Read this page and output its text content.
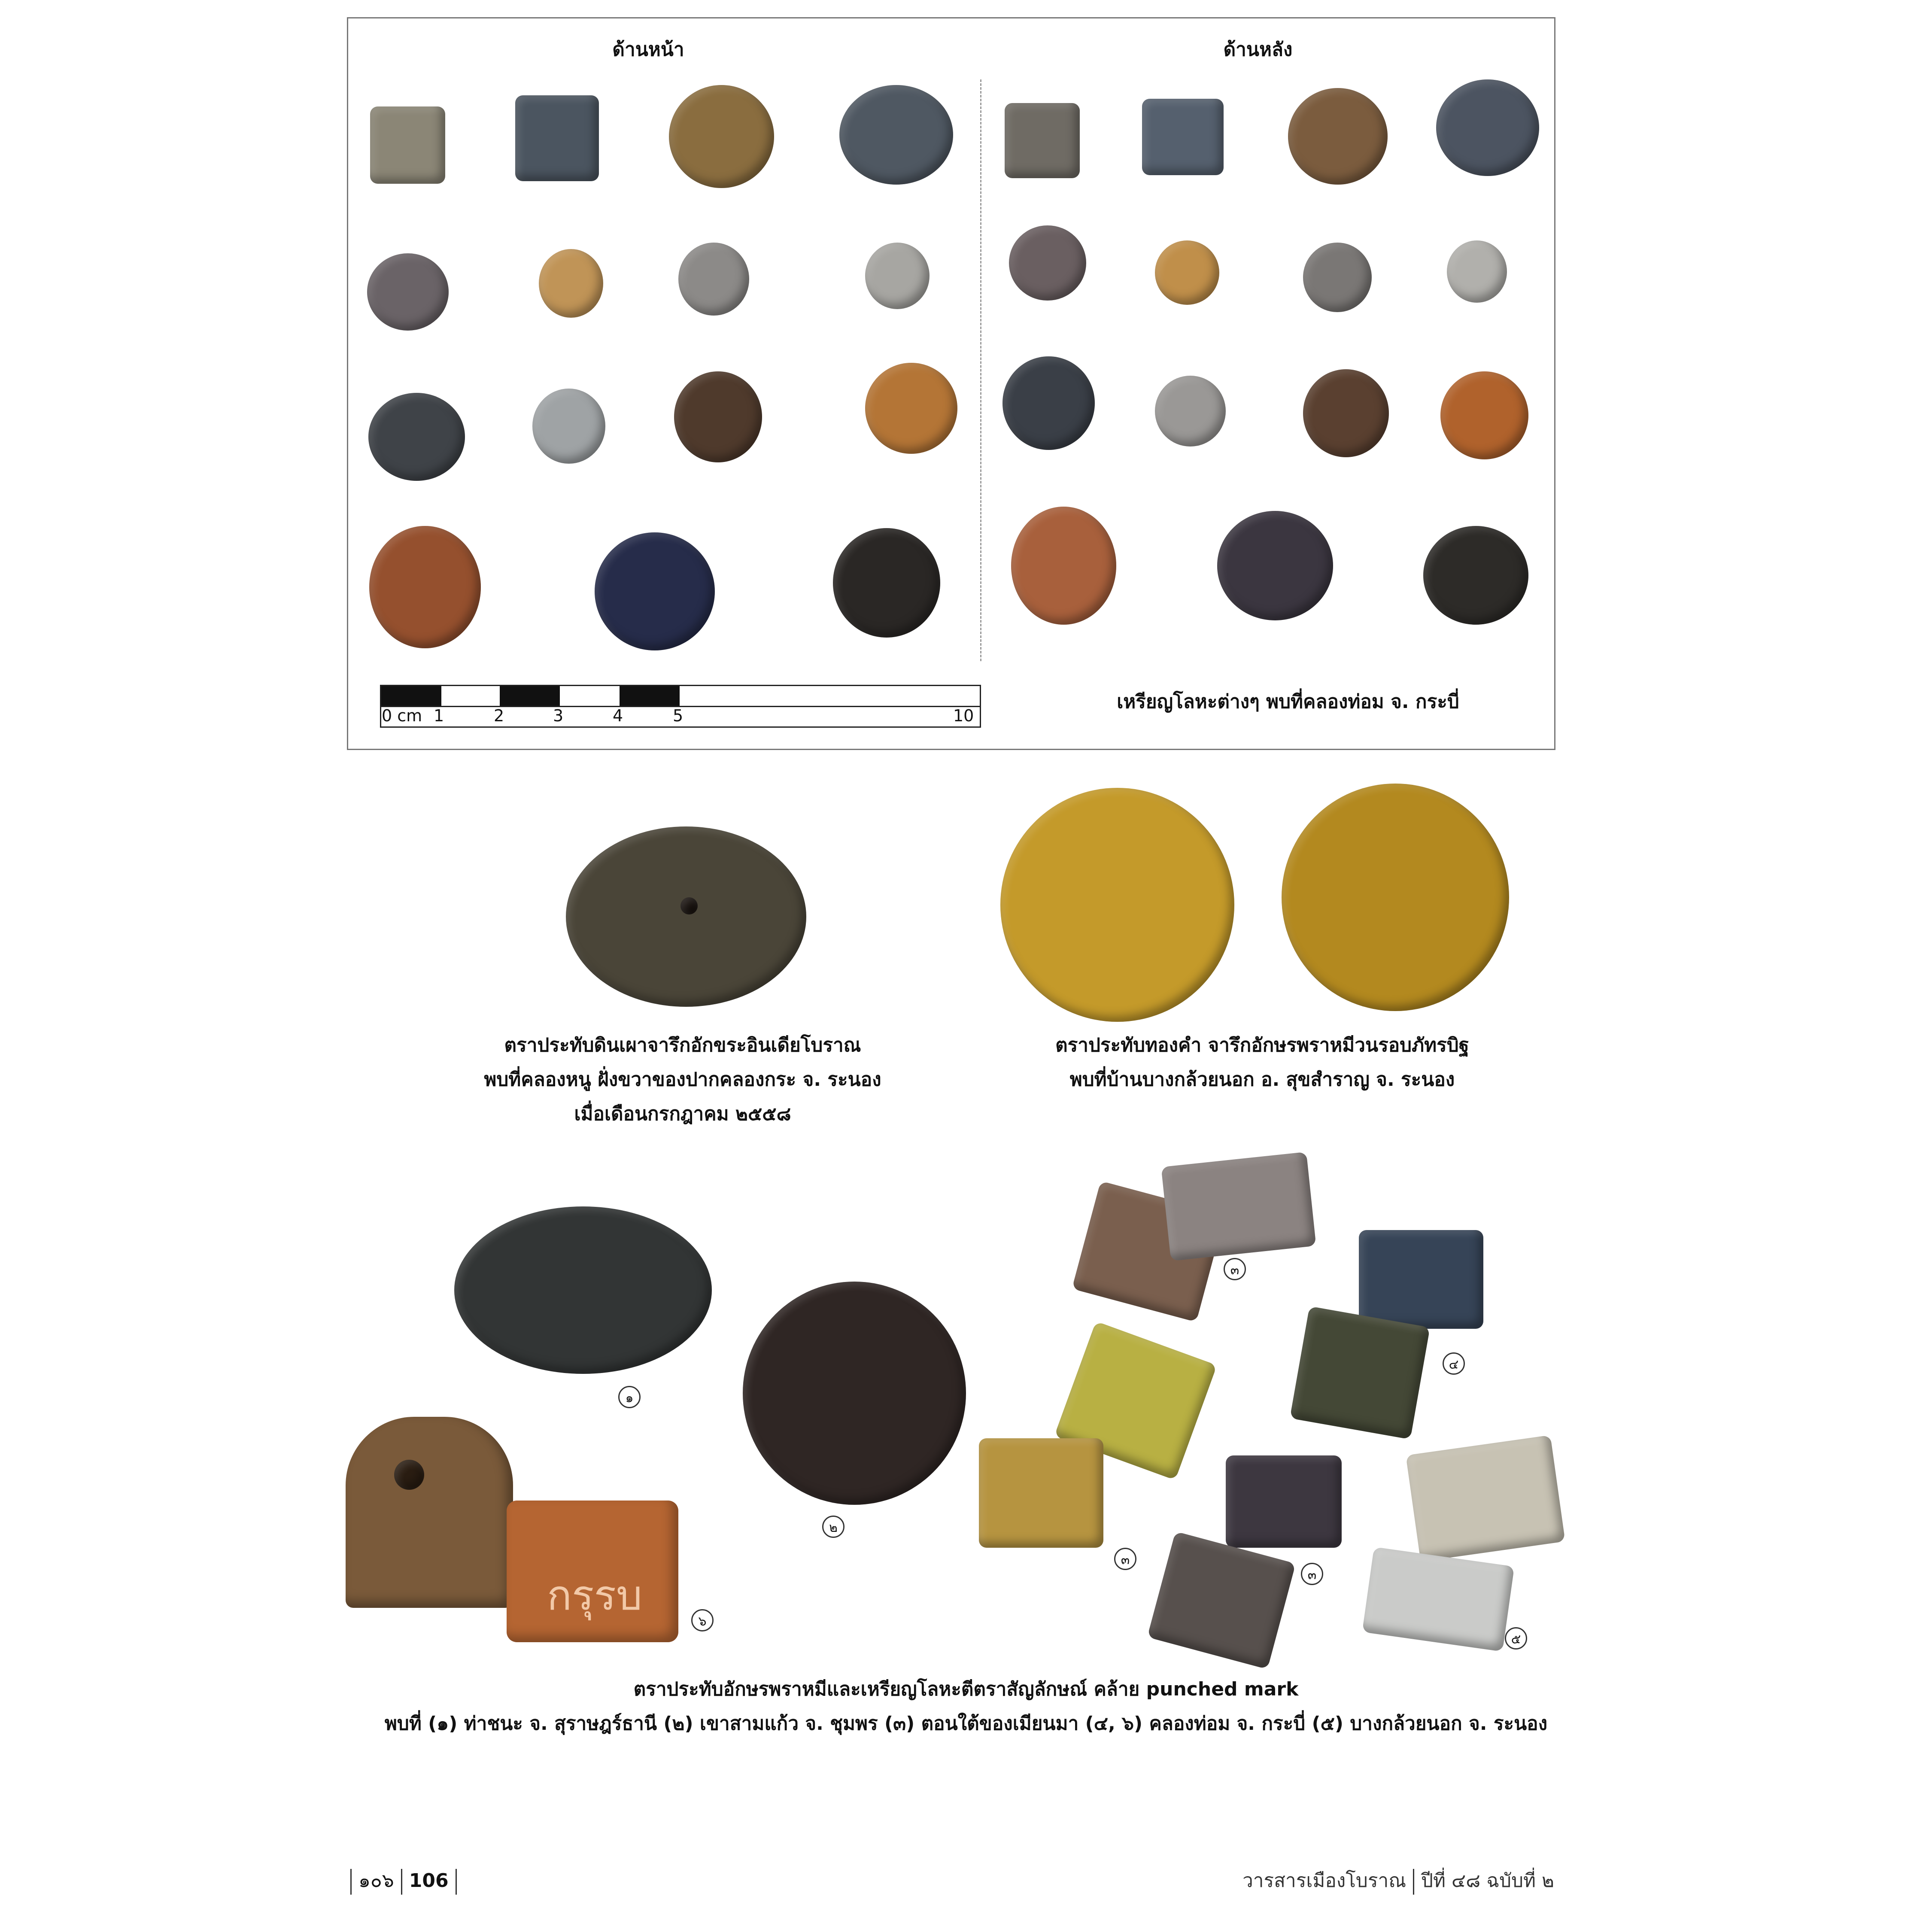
ด้านหน้า	ด้านหลัง
0 cm 1	2	3	4	5	10
เหรียญโลหะต่างๆ พบที่คลองท่อม จ. กระบี่
ตราประทับดินเผาจารึกอักขระอินเดียโบราณ
พบที่คลองหนู ฝั่งขวาของปากคลองกระ จ. ระนอง
เมื่อเดือนกรกฎาคม ๒๕๕๘
ตราประทับทองคำ จารึกอักษรพราหมีวนรอบภัทรบิฐ
พบที่บ้านบางกล้วยนอก อ. สุขสำราญ จ. ระนอง
๑
๒
กรุรบ
๖
๓
๔
๓
๓
๕
ตราประทับอักษรพราหมีและเหรียญโลหะตีตราสัญลักษณ์ คล้าย punched mark
พบที่ (๑) ท่าชนะ จ. สุราษฎร์ธานี (๒) เขาสามแก้ว จ. ชุมพร (๓) ตอนใต้ของเมียนมา (๔, ๖) คลองท่อม จ. กระบี่ (๕) บางกล้วยนอก จ. ระนอง
๑๐๖ 106	วารสารเมืองโบราณ ปีที่ ๔๘ ฉบับที่ ๒
